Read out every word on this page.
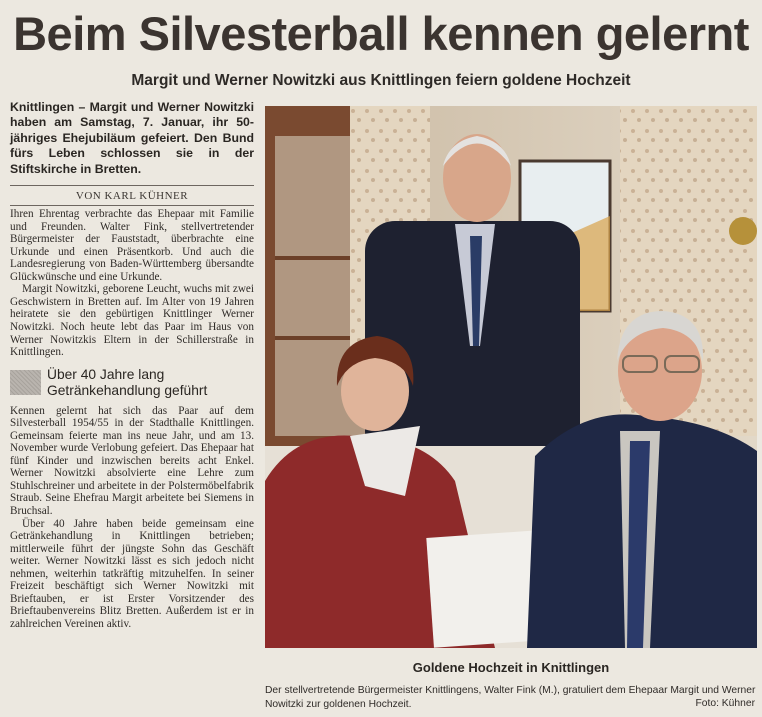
Beim Silvesterball kennen gelernt
Margit und Werner Nowitzki aus Knittlingen feiern goldene Hochzeit

Knittlingen – Margit und Werner Nowitzki haben am Samstag, 7. Januar, ihr 50-jähriges Ehejubiläum gefeiert. Den Bund fürs Leben schlossen sie in der Stiftskirche in Bretten.

VON KARL KÜHNER

Ihren Ehrentag verbrachte das Ehepaar mit Familie und Freunden. Walter Fink, stellvertretender Bürgermeister der Fauststadt, überbrachte eine Urkunde und einen Präsentkorb. Und auch die Landesregierung von Baden-Württemberg übersandte Glückwünsche und eine Urkunde.

Margit Nowitzki, geborene Leucht, wuchs mit zwei Geschwistern in Bretten auf. Im Alter von 19 Jahren heiratete sie den gebürtigen Knittlinger Werner Nowitzki. Noch heute lebt das Paar im Haus von Werner Nowitzkis Eltern in der Schillerstraße in Knittlingen.

Über 40 Jahre lang Getränkehandlung geführt

Kennen gelernt hat sich das Paar auf dem Silvesterball 1954/55 in der Stadthalle Knittlingen. Gemeinsam feierte man ins neue Jahr, und am 13. November wurde Verlobung gefeiert. Das Ehepaar hat fünf Kinder und inzwischen bereits acht Enkel. Werner Nowitzki absolvierte eine Lehre zum Stuhlschreiner und arbeitete in der Polstermöbelfabrik Straub. Seine Ehefrau Margit arbeitete bei Siemens in Bruchsal.

Über 40 Jahre haben beide gemeinsam eine Getränkehandlung in Knittlingen betrieben; mittlerweile führt der jüngste Sohn das Geschäft weiter. Werner Nowitzki lässt es sich jedoch nicht nehmen, weiterhin tatkräftig mitzuhelfen. In seiner Freizeit beschäftigt sich Werner Nowitzki mit Brieftauben, er ist Erster Vorsitzender des Brieftaubenvereins Blitz Bretten. Außerdem ist er in zahlreichen Vereinen aktiv.

Goldene Hochzeit in Knittlingen
Der stellvertretende Bürgermeister Knittlingens, Walter Fink (M.), gratuliert dem Ehepaar Margit und Werner Nowitzki zur goldenen Hochzeit.	Foto: Kühner
